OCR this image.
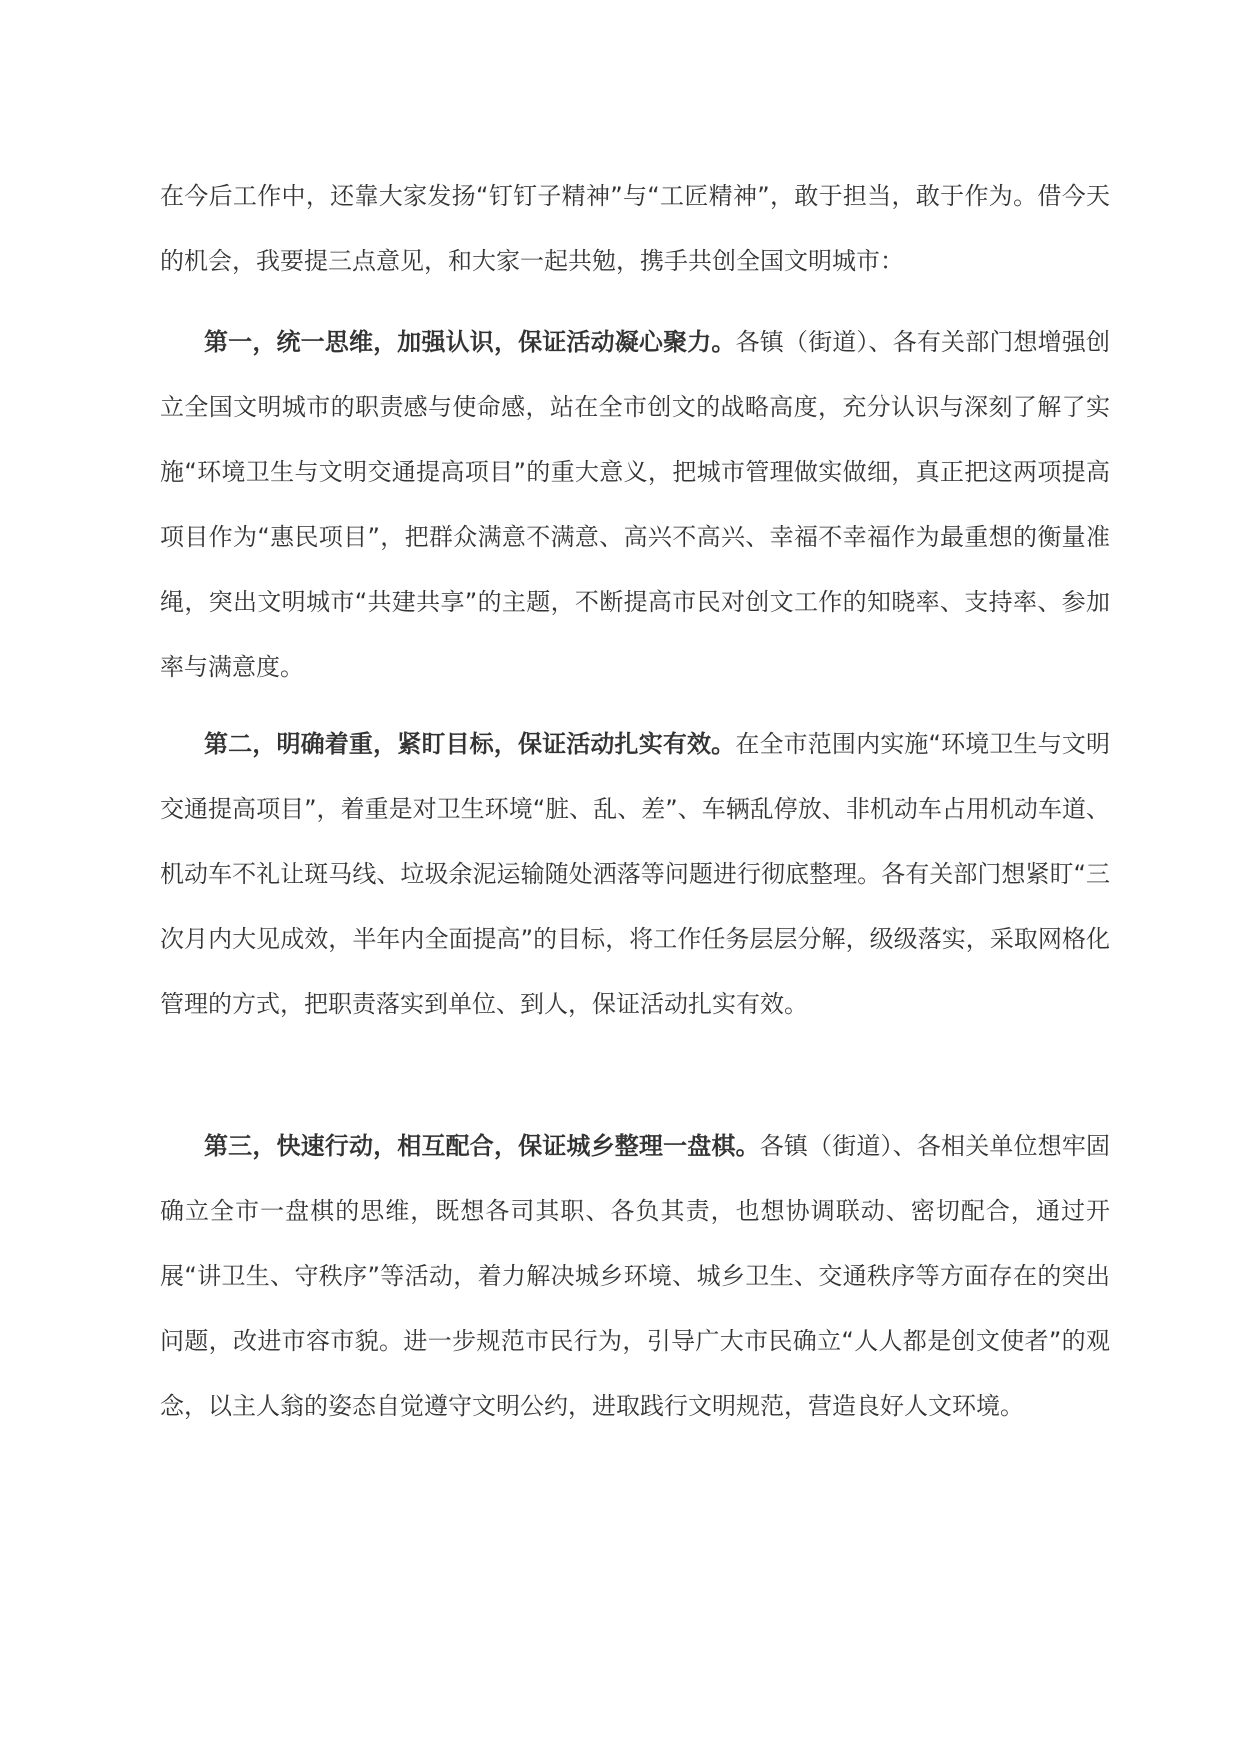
在今后工作中，还靠大家发扬“钉钉子精神”与“工匠精神”，敢于担当，敢于作为。借今天的机会，我要提三点意见，和大家一起共勉，携手共创全国文明城市：

第一，统一思维，加强认识，保证活动凝心聚力。各镇（街道）、各有关部门想增强创立全国文明城市的职责感与使命感，站在全市创文的战略高度，充分认识与深刻了解了实施“环境卫生与文明交通提高项目”的重大意义，把城市管理做实做细，真正把这两项提高项目作为“惠民项目”，把群众满意不满意、高兴不高兴、幸福不幸福作为最重想的衡量准绳，突出文明城市“共建共享”的主题，不断提高市民对创文工作的知晓率、支持率、参加率与满意度。

第二，明确着重，紧盯目标，保证活动扎实有效。在全市范围内实施“环境卫生与文明交通提高项目”，着重是对卫生环境“脏、乱、差”、车辆乱停放、非机动车占用机动车道、机动车不礼让斑马线、垃圾余泥运输随处洒落等问题进行彻底整理。各有关部门想紧盯“三次月内大见成效，半年内全面提高”的目标，将工作任务层层分解，级级落实，采取网格化管理的方式，把职责落实到单位、到人，保证活动扎实有效。

第三，快速行动，相互配合，保证城乡整理一盘棋。各镇（街道）、各相关单位想牢固确立全市一盘棋的思维，既想各司其职、各负其责，也想协调联动、密切配合，通过开展“讲卫生、守秩序”等活动，着力解决城乡环境、城乡卫生、交通秩序等方面存在的突出问题，改进市容市貌。进一步规范市民行为，引导广大市民确立“人人都是创文使者”的观念，以主人翁的姿态自觉遵守文明公约，进取践行文明规范，营造良好人文环境。
